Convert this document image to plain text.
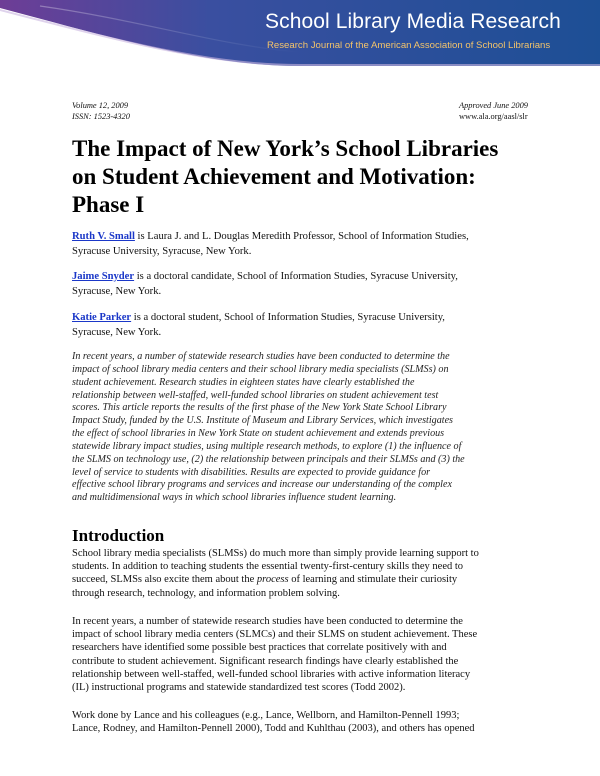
School Library Media Research

Research Journal of the American Association of School Librarians

Volume 12, 2009
ISSN: 1523-4320
Approved June 2009
www.ala.org/aasl/slr
The Impact of New York’s School Libraries
on Student Achievement and Motivation:
Phase I

Ruth V. Small is Laura J. and L. Douglas Meredith Professor, School of Information Studies,
Syracuse University, Syracuse, New York.

Jaime Snyder is a doctoral candidate, School of Information Studies, Syracuse University,
Syracuse, New York.

Katie Parker is a doctoral student, School of Information Studies, Syracuse University,
Syracuse, New York.

In recent years, a number of statewide research studies have been conducted to determine the
impact of school library media centers and their school library media specialists (SLMSs) on
student achievement. Research studies in eighteen states have clearly established the
relationship between well-staffed, well-funded school libraries on student achievement test
scores. This article reports the results of the first phase of the New York State School Library
Impact Study, funded by the U.S. Institute of Museum and Library Services, which investigates
the effect of school libraries in New York State on student achievement and extends previous
statewide library impact studies, using multiple research methods, to explore (1) the influence of
the SLMS on technology use, (2) the relationship between principals and their SLMSs and (3) the
level of service to students with disabilities. Results are expected to provide guidance for
effective school library programs and services and increase our understanding of the complex
and multidimensional ways in which school libraries influence student learning.

Introduction

School library media specialists (SLMSs) do much more than simply provide learning support to
students. In addition to teaching students the essential twenty-first-century skills they need to
succeed, SLMSs also excite them about the process of learning and stimulate their curiosity
through research, technology, and information problem solving.

In recent years, a number of statewide research studies have been conducted to determine the
impact of school library media centers (SLMCs) and their SLMS on student achievement. These
researchers have identified some possible best practices that correlate positively with and
contribute to student achievement. Significant research findings have clearly established the
relationship between well-staffed, well-funded school libraries with active information literacy
(IL) instructional programs and statewide standardized test scores (Todd 2002).

Work done by Lance and his colleagues (e.g., Lance, Wellborn, and Hamilton-Pennell 1993;
Lance, Rodney, and Hamilton-Pennell 2000), Todd and Kuhlthau (2003), and others has opened
